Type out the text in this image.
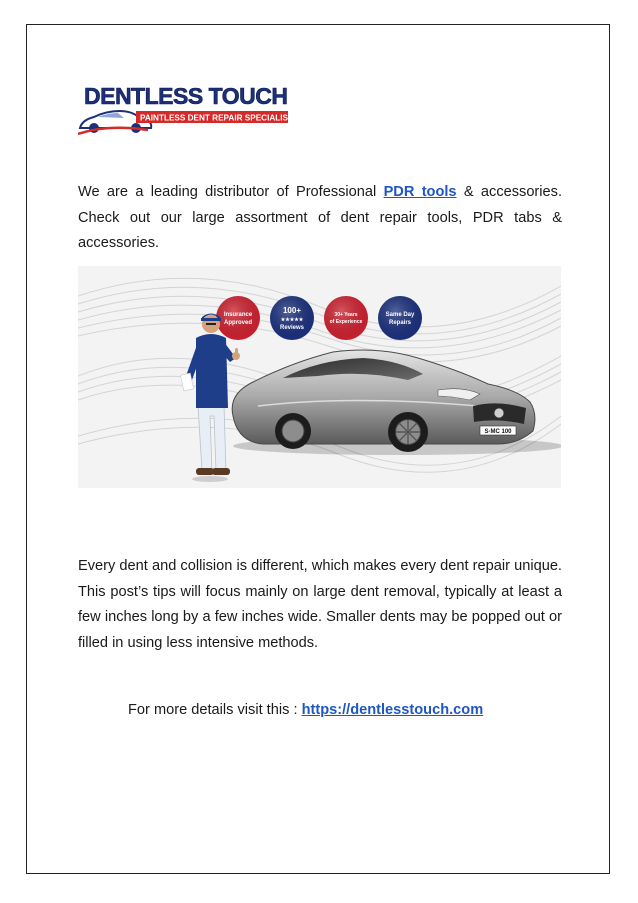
DENTLESS TOUCH
PAINTLESS DENT REPAIR SPECIALIST

We are a leading distributor of Professional PDR tools & accessories. Check out our large assortment of dent repair tools, PDR tabs & accessories.

Insurance
Approved
100+
★★★★★
Reviews
30+ Years
of Experience
Same Day
Repairs
S·MC 100

Every dent and collision is different, which makes every dent repair unique. This post’s tips will focus mainly on large dent removal, typically at least a few inches long by a few inches wide. Smaller dents may be popped out or filled in using less intensive methods.

For more details visit this : https://dentlesstouch.com
